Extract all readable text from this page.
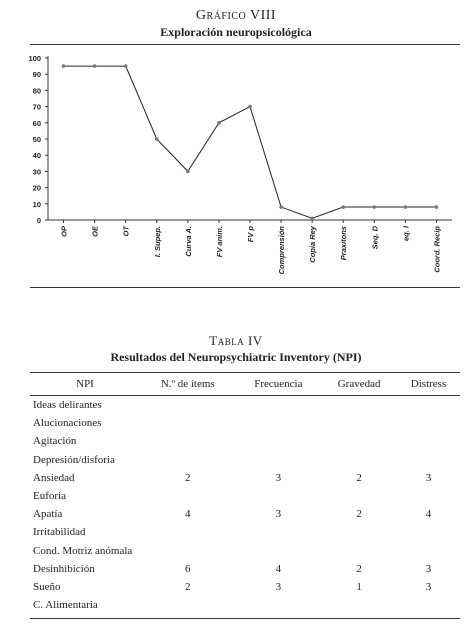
Gráfico VIII
Exploración neuropsicológica
0
10
20
30
40
50
60
70
80
90
100
OP	OE	OT	I. Supep.	Curva A.	FV anim.	FV p	Comprensión	Copia Rey	Praxitons	Seq. D	eq. I	Coord. Recip
Tabla IV
Resultados del Neuropsychiatric Inventory (NPI)
NPI	N.º de ítems	Frecuencia	Gravedad	Distress
Ideas delirantes				
Alucionaciones				
Agitación				
Depresión/disforia				
Ansiedad	2	3	2	3
Euforia				
Apatía	4	3	2	4
Irritabilidad				
Cond. Motriz anómala				
Desinhibición	6	4	2	3
Sueño	2	3	1	3
C. Alimentaria				
